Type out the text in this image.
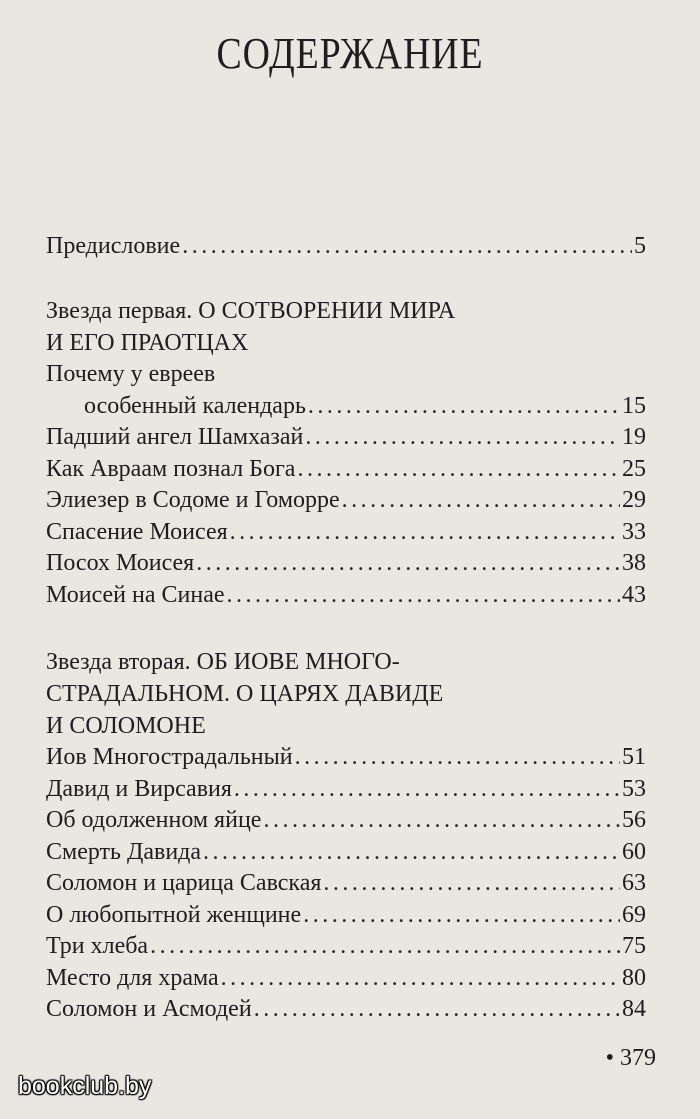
СОДЕРЖАНИЕ
Предисловие .....	5
Звезда первая. О СОТВОРЕНИИ МИРА
И ЕГО ПРАОТЦАХ
Почему у евреев
особенный календарь .....	15
Падший ангел Шамхазай .....	19
Как Авраам познал Бога .....	25
Элиезер в Содоме и Гоморре .....	29
Спасение Моисея .....	33
Посох Моисея .....	38
Моисей на Синае .....	43
Звезда вторая. ОБ ИОВЕ МНОГО-
СТРАДАЛЬНОМ. О ЦАРЯХ ДАВИДЕ
И СОЛОМОНЕ
Иов Многострадальный .....	51
Давид и Вирсавия .....	53
Об одолженном яйце .....	56
Смерть Давида .....	60
Соломон и царица Савская .....	63
О любопытной женщине .....	69
Три хлеба .....	75
Место для храма .....	80
Соломон и Асмодей .....	84
• 379
bookclub.by
